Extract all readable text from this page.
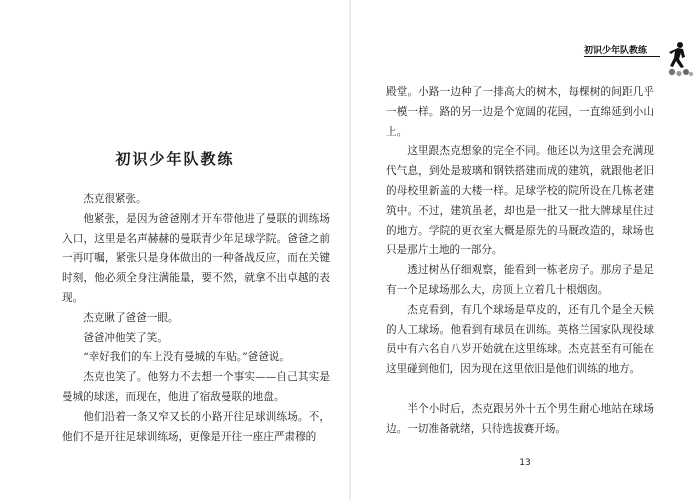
初识少年队教练

杰克很紧张。

他紧张，是因为爸爸刚才开车带他进了曼联的训练场入口，这里是名声赫赫的曼联青少年足球学院。爸爸之前一再叮嘱，紧张只是身体做出的一种备战反应，而在关键时刻，他必须全身注满能量，要不然，就拿不出卓越的表现。

杰克瞅了爸爸一眼。

爸爸冲他笑了笑。

“幸好我们的车上没有曼城的车贴。”爸爸说。

杰克也笑了。他努力不去想一个事实——自己其实是曼城的球迷，而现在，他进了宿敌曼联的地盘。

他们沿着一条又窄又长的小路开往足球训练场。不，他们不是开往足球训练场，更像是开往一座庄严肃穆的

初识少年队教练

殿堂。小路一边种了一排高大的树木，每棵树的间距几乎一模一样。路的另一边是个宽阔的花园，一直绵延到小山上。

这里跟杰克想象的完全不同。他还以为这里会充满现代气息，到处是玻璃和钢铁搭建而成的建筑，就跟他老旧的母校里新盖的大楼一样。足球学校的院所设在几栋老建筑中。不过，建筑虽老，却也是一批又一批大牌球星住过的地方。学院的更衣室大概是原先的马厩改造的，球场也只是那片土地的一部分。

透过树丛仔细观察，能看到一栋老房子。那房子是足有一个足球场那么大，房顶上立着几十根烟囱。

杰克看到，有几个球场是草皮的，还有几个是全天候的人工球场。他看到有球员在训练。英格兰国家队现役球员中有六名自八岁开始就在这里练球。杰克甚至有可能在这里碰到他们，因为现在这里依旧是他们训练的地方。

半个小时后，杰克跟另外十五个男生耐心地站在球场边。一切准备就绪，只待选拔赛开场。

13
